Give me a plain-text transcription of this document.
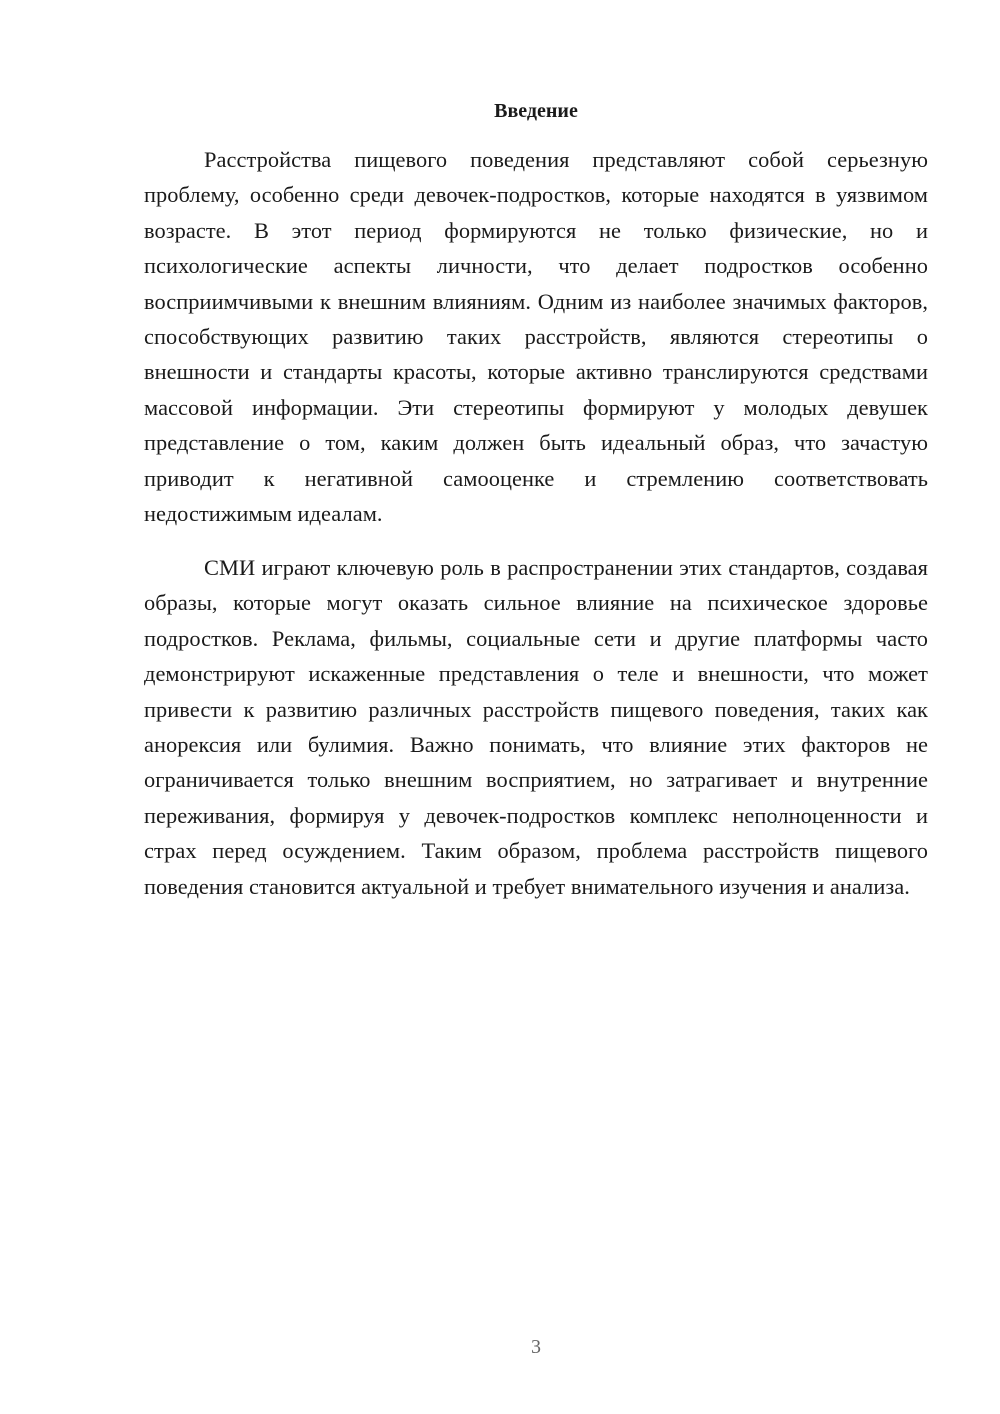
Введение

Расстройства пищевого поведения представляют собой серьезную проблему, особенно среди девочек-подростков, которые находятся в уязвимом возрасте. В этот период формируются не только физические, но и психологические аспекты личности, что делает подростков особенно восприимчивыми к внешним влияниям. Одним из наиболее значимых факторов, способствующих развитию таких расстройств, являются стереотипы о внешности и стандарты красоты, которые активно транслируются средствами массовой информации. Эти стереотипы формируют у молодых девушек представление о том, каким должен быть идеальный образ, что зачастую приводит к негативной самооценке и стремлению соответствовать недостижимым идеалам.

СМИ играют ключевую роль в распространении этих стандартов, создавая образы, которые могут оказать сильное влияние на психическое здоровье подростков. Реклама, фильмы, социальные сети и другие платформы часто демонстрируют искаженные представления о теле и внешности, что может привести к развитию различных расстройств пищевого поведения, таких как анорексия или булимия. Важно понимать, что влияние этих факторов не ограничивается только внешним восприятием, но затрагивает и внутренние переживания, формируя у девочек-подростков комплекс неполноценности и страх перед осуждением. Таким образом, проблема расстройств пищевого поведения становится актуальной и требует внимательного изучения и анализа.

3
